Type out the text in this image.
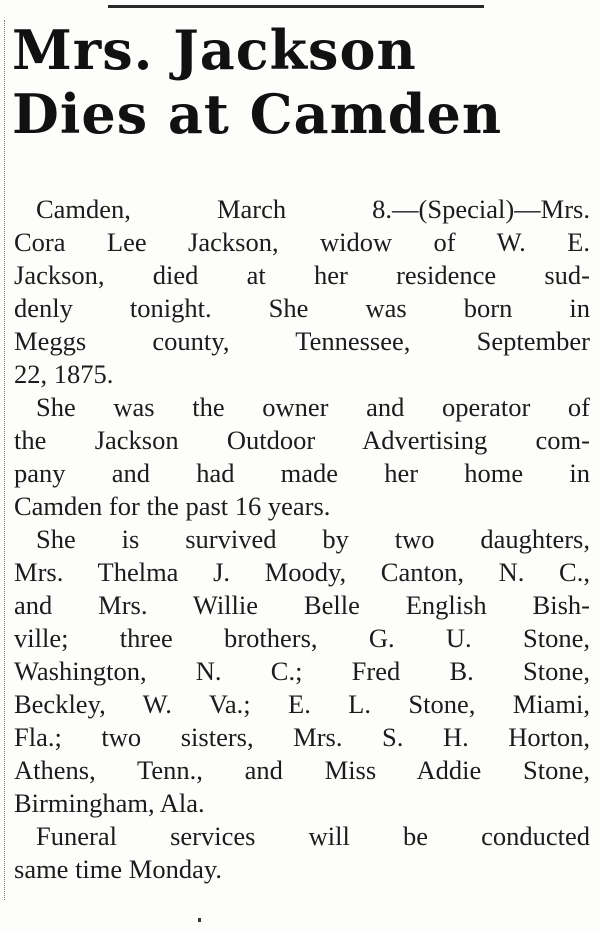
Mrs. Jackson
Dies at Camden

Camden, March 8.—(Special)—Mrs.
Cora Lee Jackson, widow of W. E.
Jackson, died at her residence sud-
denly tonight. She was born in
Meggs county, Tennessee, September
22, 1875.

She was the owner and operator of
the Jackson Outdoor Advertising com-
pany and had made her home in
Camden for the past 16 years.

She is survived by two daughters,
Mrs. Thelma J. Moody, Canton, N. C.,
and Mrs. Willie Belle English Bish-
ville; three brothers, G. U. Stone,
Washington, N. C.; Fred B. Stone,
Beckley, W. Va.; E. L. Stone, Miami,
Fla.; two sisters, Mrs. S. H. Horton,
Athens, Tenn., and Miss Addie Stone,
Birmingham, Ala.

Funeral services will be conducted
same time Monday.
